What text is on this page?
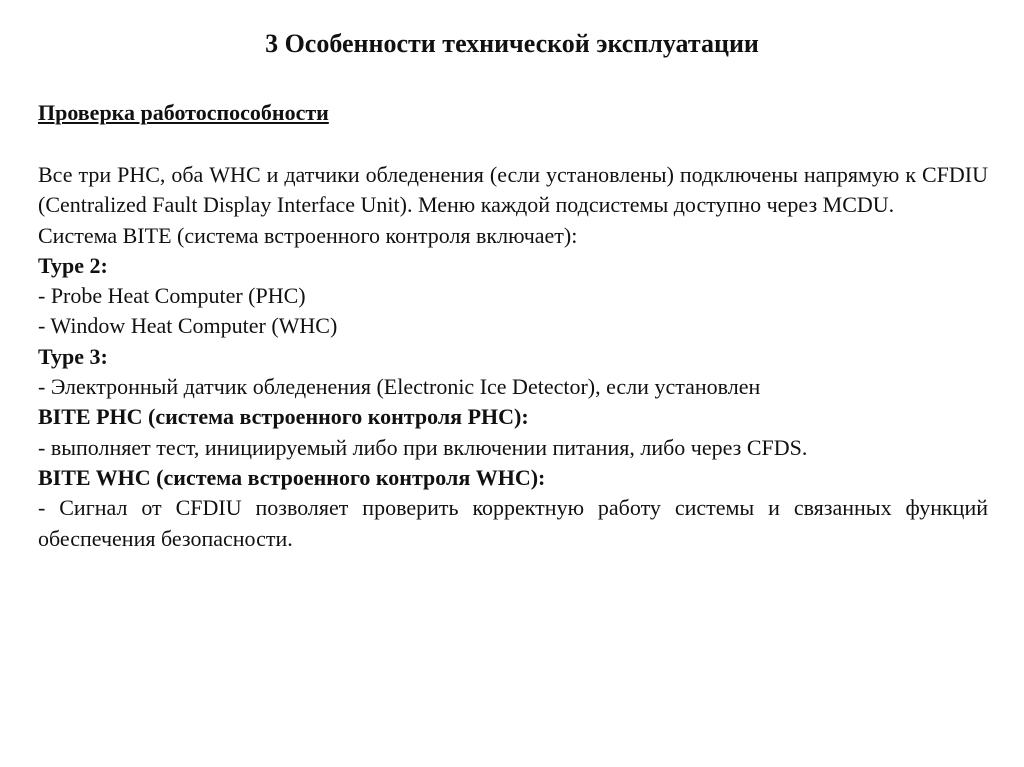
3 Особенности технической эксплуатации
Проверка работоспособности

Все три PHC, оба WHC и датчики обледенения (если установлены) подключены напрямую к CFDIU (Centralized Fault Display Interface Unit). Меню каждой подсистемы доступно через MCDU.

Система BITE (система встроенного контроля включает):

Type 2:

- Probe Heat Computer (PHC)

- Window Heat Computer (WHC)

Type 3:

- Электронный датчик обледенения (Electronic Ice Detector), если установлен

BITE PHC (система встроенного контроля PHC):

- выполняет тест, инициируемый либо при включении питания, либо через CFDS.

BITE WHC (система встроенного контроля WHC):

- Сигнал от CFDIU позволяет проверить корректную работу системы и связанных функций обеспечения безопасности.
